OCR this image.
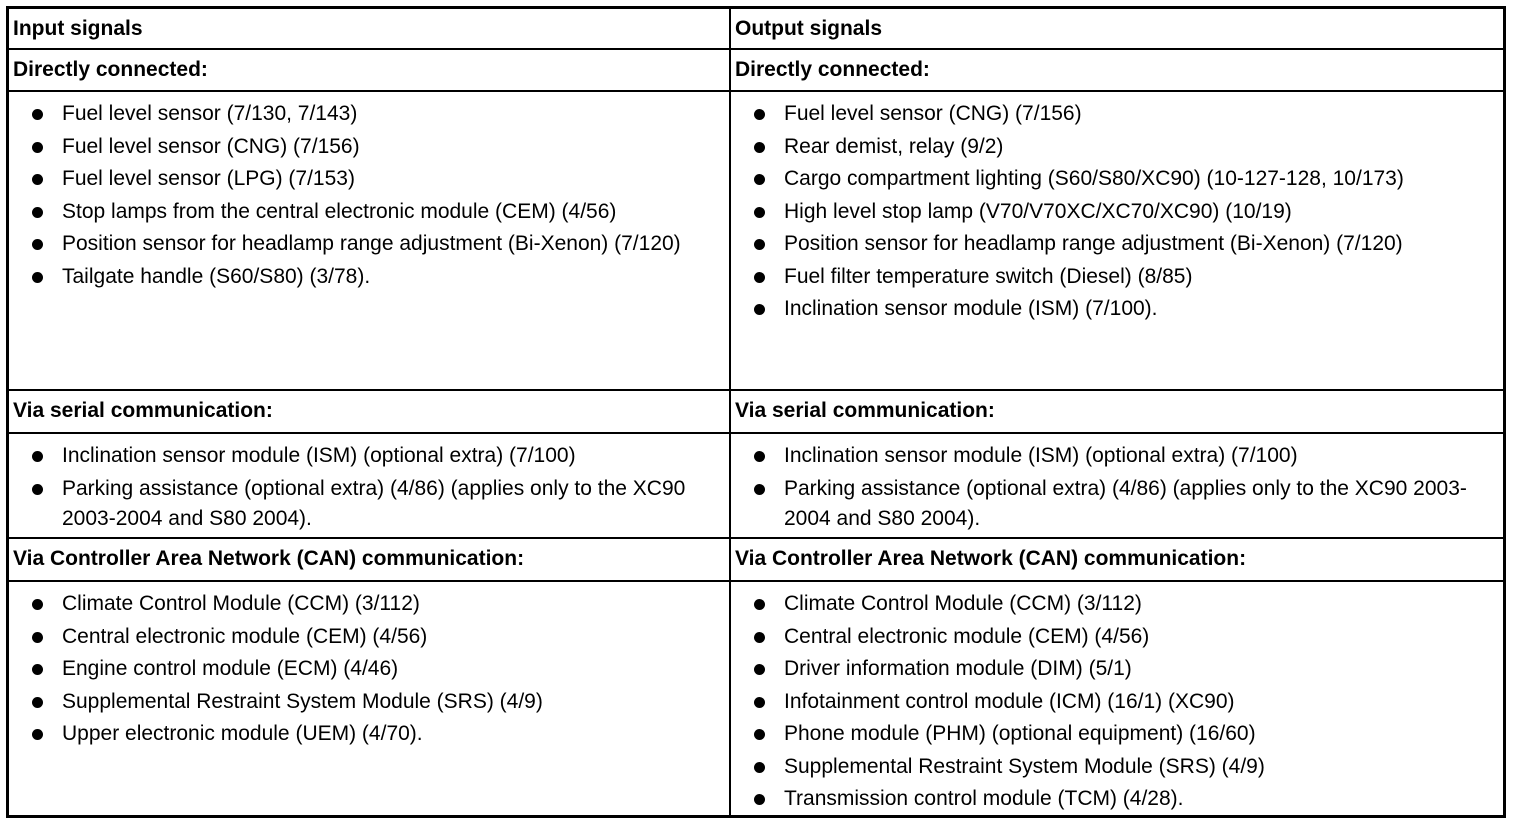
Input signals
Directly connected:
Fuel level sensor (7/130, 7/143)
Fuel level sensor (CNG) (7/156)
Fuel level sensor (LPG) (7/153)
Stop lamps from the central electronic module (CEM) (4/56)
Position sensor for headlamp range adjustment (Bi-Xenon) (7/120)
Tailgate handle (S60/S80) (3/78).
Via serial communication:
Inclination sensor module (ISM) (optional extra) (7/100)
Parking assistance (optional extra) (4/86) (applies only to the XC90 2003-2004 and S80 2004).
Via Controller Area Network (CAN) communication:
Climate Control Module (CCM) (3/112)
Central electronic module (CEM) (4/56)
Engine control module (ECM) (4/46)
Supplemental Restraint System Module (SRS) (4/9)
Upper electronic module (UEM) (4/70).
Output signals
Directly connected:
Fuel level sensor (CNG) (7/156)
Rear demist, relay (9/2)
Cargo compartment lighting (S60/S80/XC90) (10-127-128, 10/173)
High level stop lamp (V70/V70XC/XC70/XC90) (10/19)
Position sensor for headlamp range adjustment (Bi-Xenon) (7/120)
Fuel filter temperature switch (Diesel) (8/85)
Inclination sensor module (ISM) (7/100).
Via serial communication:
Inclination sensor module (ISM) (optional extra) (7/100)
Parking assistance (optional extra) (4/86) (applies only to the XC90 2003-2004 and S80 2004).
Via Controller Area Network (CAN) communication:
Climate Control Module (CCM) (3/112)
Central electronic module (CEM) (4/56)
Driver information module (DIM) (5/1)
Infotainment control module (ICM) (16/1) (XC90)
Phone module (PHM) (optional equipment) (16/60)
Supplemental Restraint System Module (SRS) (4/9)
Transmission control module (TCM) (4/28).
